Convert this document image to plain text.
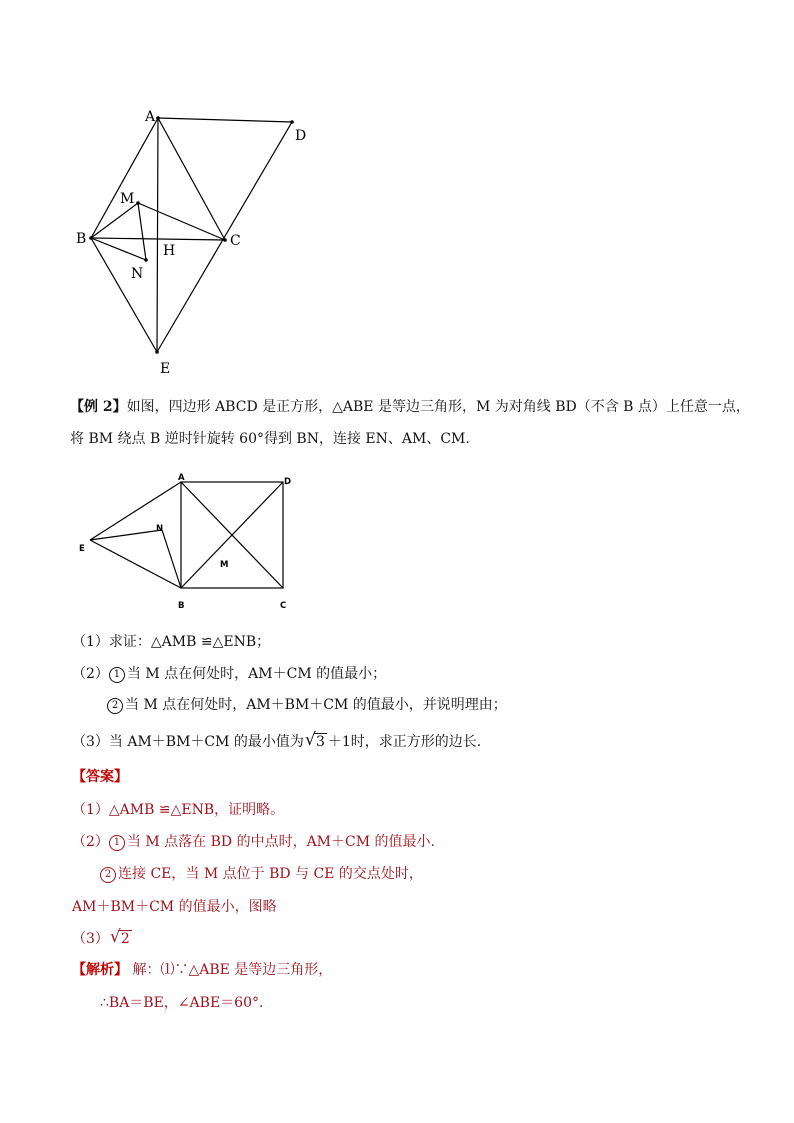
A
D
M
B	C
H
N
E
【例 2】如图，四边形 ABCD 是正方形，△ABE 是等边三角形，M 为对角线 BD（不含 B 点）上任意一点，
将 BM 绕点 B 逆时针旋转 60°得到 BN，连接 EN、AM、CM.
A	D
E
N
M
B	C
（1）求证：△AMB ≌△ENB；
（2） 1 当 M 点在何处时，AM＋CM 的值最小；
2 当 M 点在何处时，AM＋BM＋CM 的值最小，并说明理由；
（3）当 AM＋BM＋CM 的最小值为 √ 3 ＋1时，求正方形的边长.
【答案】
（1）△AMB ≌△ENB，证明略。
（2） 1 当 M 点落在 BD 的中点时，AM＋CM 的值最小.
2 连接 CE，当 M 点位于 BD 与 CE 的交点处时，
AM＋BM＋CM 的值最小，图略
（3） √ 2
【解析】 解：⑴∵△ABE 是等边三角形，
∴BA＝BE，∠ABE＝60°.
